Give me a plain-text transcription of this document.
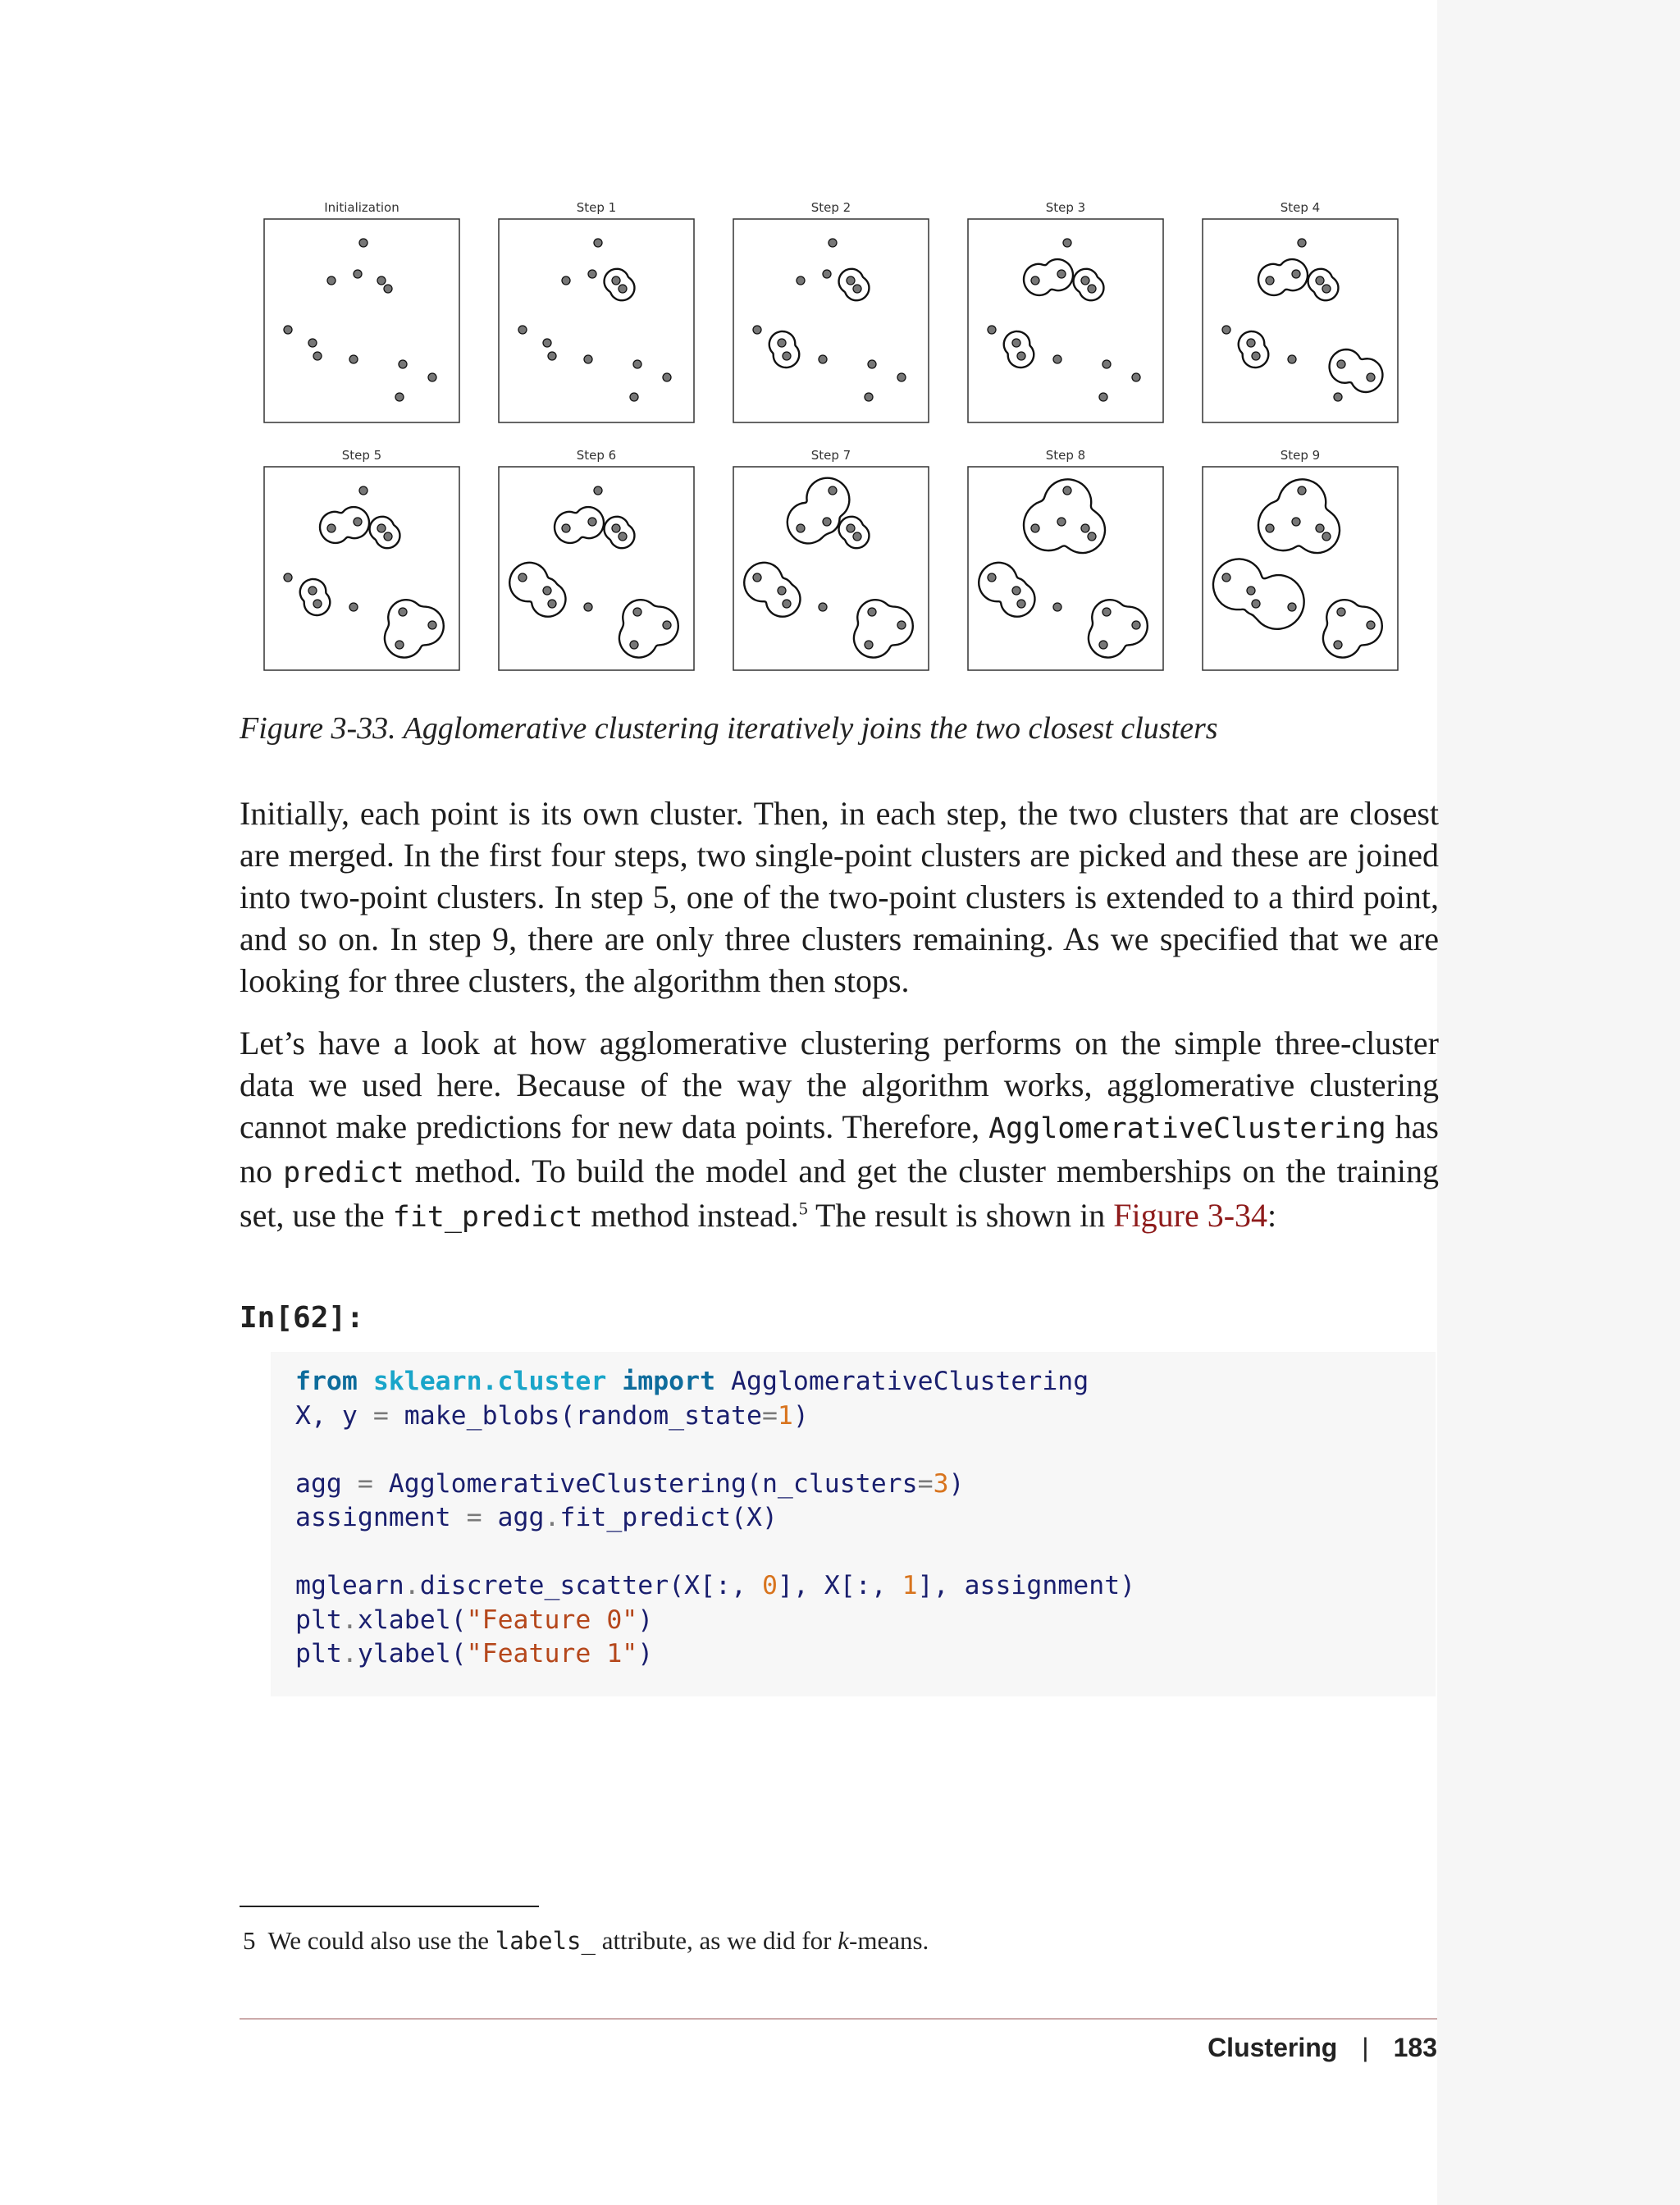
Initialization	Step 1	Step 2	Step 3	Step 4
Step 5	Step 6	Step 7	Step 8	Step 9
Figure 3-33. Agglomerative clustering iteratively joins the two closest clusters

Initially, each point is its own cluster. Then, in each step, the two clusters that are closest are merged. In the first four steps, two single-point clusters are picked and these are joined into two-point clusters. In step 5, one of the two-point clusters is extended to a third point, and so on. In step 9, there are only three clusters remaining. As we specified that we are looking for three clusters, the algorithm then stops.

Let’s have a look at how agglomerative clustering performs on the simple three-cluster data we used here. Because of the way the algorithm works, agglomerative clustering cannot make predictions for new data points. Therefore, AgglomerativeClustering has no predict method. To build the model and get the cluster memberships on the training set, use the fit_predict method instead.$^5$ The result is shown in Figure 3-34:

In[62]:
from sklearn.cluster import AgglomerativeClustering
X, y = make_blobs(random_state=1)

agg = AgglomerativeClustering(n_clusters=3)
assignment = agg.fit_predict(X)

mglearn.discrete_scatter(X[:, 0], X[:, 1], assignment)
plt.xlabel("Feature 0")
plt.ylabel("Feature 1")
5 We could also use the labels_ attribute, as we did for k-means.
Clustering | 183
